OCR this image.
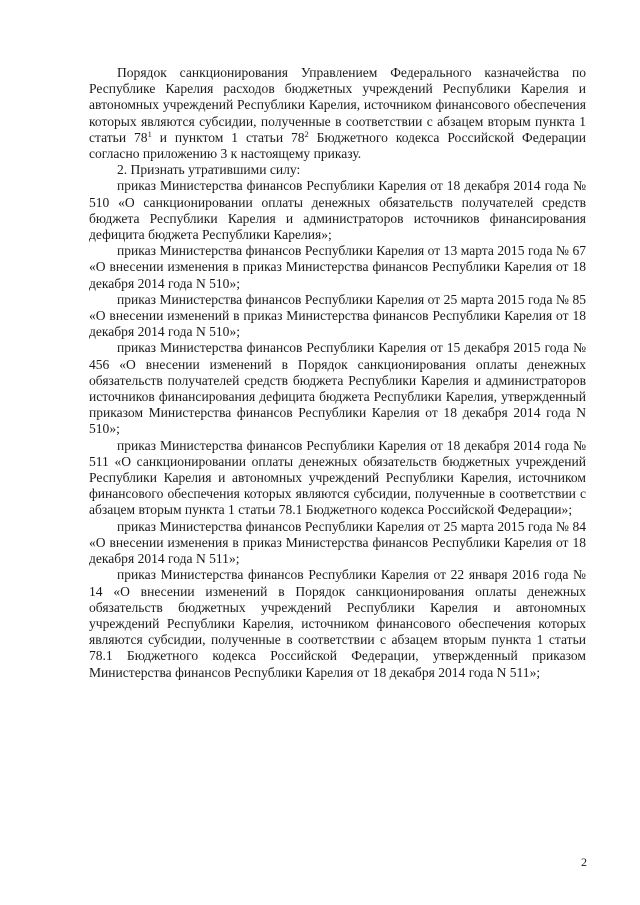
Порядок санкционирования Управлением Федерального казначейства по Республике Карелия расходов бюджетных учреждений Республики Карелия и автономных учреждений Республики Карелия, источником финансового обеспечения которых являются субсидии, полученные в соответствии с абзацем вторым пункта 1 статьи $78^1$ и пунктом 1 статьи $78^2$ Бюджетного кодекса Российской Федерации согласно приложению 3 к настоящему приказу.

2. Признать утратившими силу:

приказ Министерства финансов Республики Карелия от 18 декабря 2014 года № 510 «О санкционировании оплаты денежных обязательств получателей средств бюджета Республики Карелия и администраторов источников финансирования дефицита бюджета Республики Карелия»;

приказ Министерства финансов Республики Карелия от 13 марта 2015 года № 67 «О внесении изменения в приказ Министерства финансов Республики Карелия от 18 декабря 2014 года N 510»;

приказ Министерства финансов Республики Карелия от 25 марта 2015 года № 85 «О внесении изменений в приказ Министерства финансов Республики Карелия от 18 декабря 2014 года N 510»;

приказ Министерства финансов Республики Карелия от 15 декабря 2015 года № 456 «О внесении изменений в Порядок санкционирования оплаты денежных обязательств получателей средств бюджета Республики Карелия и администраторов источников финансирования дефицита бюджета Республики Карелия, утвержденный приказом Министерства финансов Республики Карелия от 18 декабря 2014 года N 510»;

приказ Министерства финансов Республики Карелия от 18 декабря 2014 года № 511 «О санкционировании оплаты денежных обязательств бюджетных учреждений Республики Карелия и автономных учреждений Республики Карелия, источником финансового обеспечения которых являются субсидии, полученные в соответствии с абзацем вторым пункта 1 статьи 78.1 Бюджетного кодекса Российской Федерации»;

приказ Министерства финансов Республики Карелия от 25 марта 2015 года № 84 «О внесении изменения в приказ Министерства финансов Республики Карелия от 18 декабря 2014 года N 511»;

приказ Министерства финансов Республики Карелия от 22 января 2016 года № 14 «О внесении изменений в Порядок санкционирования оплаты денежных обязательств бюджетных учреждений Республики Карелия и автономных учреждений Республики Карелия, источником финансового обеспечения которых являются субсидии, полученные в соответствии с абзацем вторым пункта 1 статьи 78.1 Бюджетного кодекса Российской Федерации, утвержденный приказом Министерства финансов Республики Карелия от 18 декабря 2014 года N 511»;

2
